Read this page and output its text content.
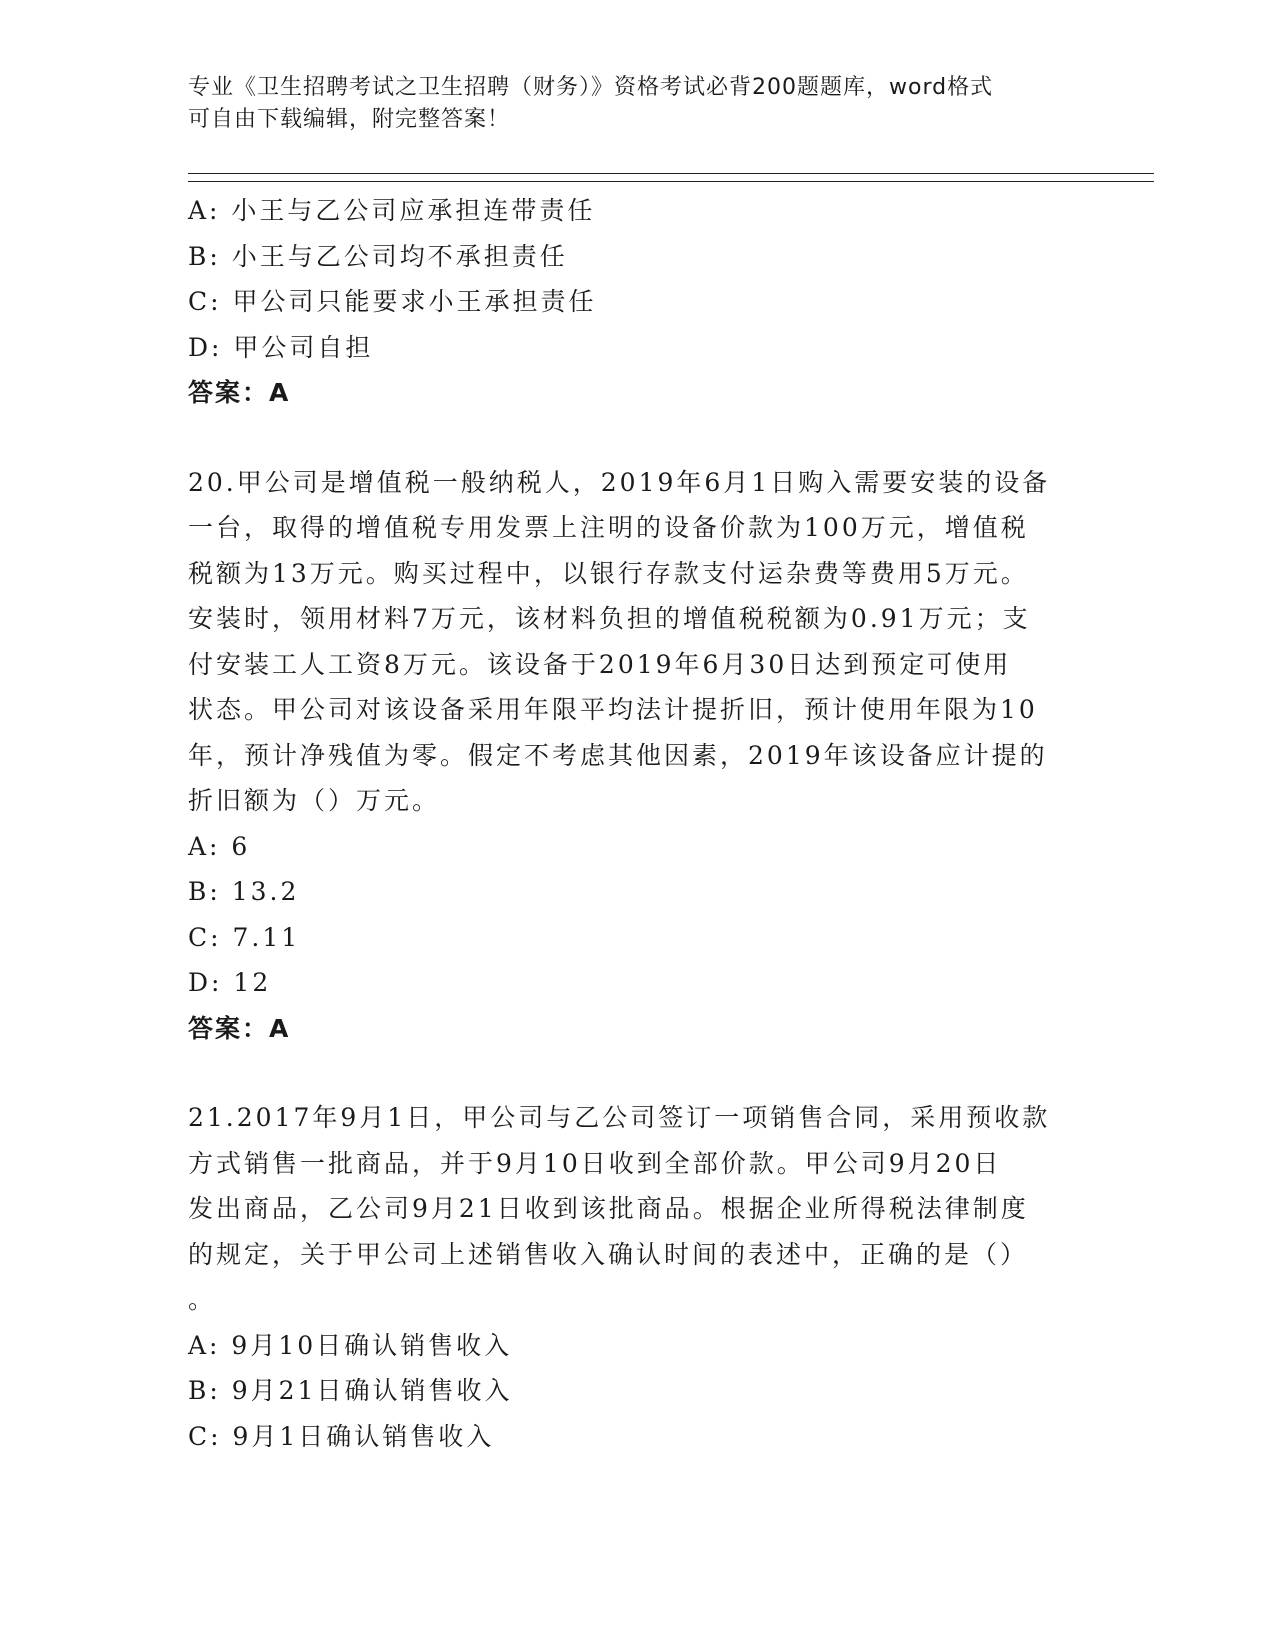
专业《卫生招聘考试之卫生招聘（财务）》资格考试必背200题题库，word格式
可自由下载编辑，附完整答案！
A: 小王与乙公司应承担连带责任
B: 小王与乙公司均不承担责任
C: 甲公司只能要求小王承担责任
D: 甲公司自担
答案：A
20.甲公司是增值税一般纳税人，2019年6月1日购入需要安装的设备
一台，取得的增值税专用发票上注明的设备价款为100万元，增值税
税额为13万元。购买过程中，以银行存款支付运杂费等费用5万元。
安装时，领用材料7万元，该材料负担的增值税税额为0.91万元；支
付安装工人工资8万元。该设备于2019年6月30日达到预定可使用
状态。甲公司对该设备采用年限平均法计提折旧，预计使用年限为10
年，预计净残值为零。假定不考虑其他因素，2019年该设备应计提的
折旧额为（）万元。
A: 6
B: 13.2
C: 7.11
D: 12
答案：A
21.2017年9月1日，甲公司与乙公司签订一项销售合同，采用预收款
方式销售一批商品，并于9月10日收到全部价款。甲公司9月20日
发出商品，乙公司9月21日收到该批商品。根据企业所得税法律制度
的规定，关于甲公司上述销售收入确认时间的表述中，正确的是（）
。
A: 9月10日确认销售收入
B: 9月21日确认销售收入
C: 9月1日确认销售收入
